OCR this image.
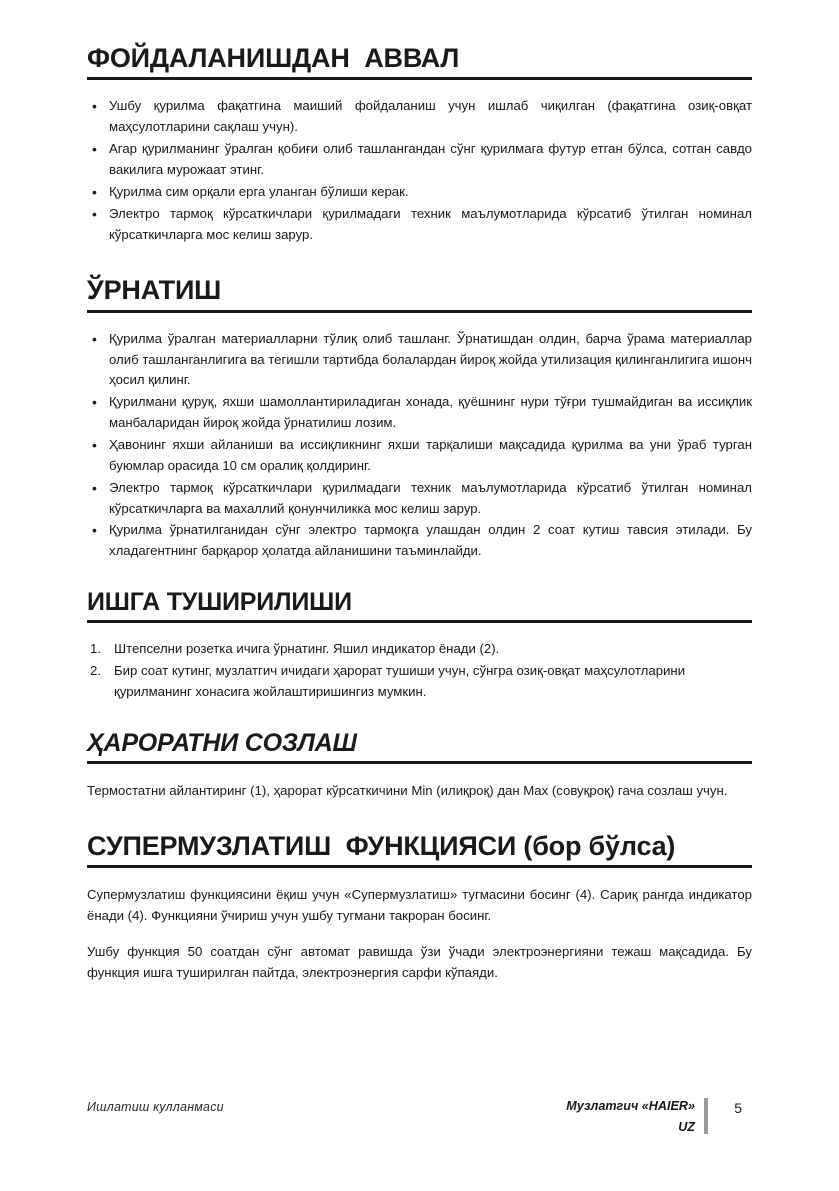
ФОЙДАЛАНИШДАН  АВВАЛ
• Ушбу қурилма фақатгина маиший фойдаланиш учун ишлаб чиқилган (фақатгина озиқ-овқат маҳсулотларини сақлаш учун).
• Агар қурилманинг ўралган қобиғи олиб ташлангандан сўнг қурилмага футур етган бўлса, сотган савдо вакилига мурожаат этинг.
• Қурилма сим орқали ерга уланган бўлиши керак.
• Электро тармоқ кўрсаткичлари қурилмадаги техник маълумотларида кўрсатиб ўтилган номинал кўрсаткичларга мос келиш зарур.
ЎРНАТИШ
• Қурилма ўралган материалларни тўлиқ олиб ташланг. Ўрнатишдан олдин, барча ўрама материаллар олиб ташланганлигига ва тегишли тартибда болалардан йироқ жойда утилизация қилинганлигига ишонч ҳосил қилинг.
• Қурилмани қуруқ, яхши шамоллантириладиган хонада, қуёшнинг нури тўғри тушмайдиган ва иссиқлик манбаларидан йироқ жойда ўрнатилиш лозим.
• Ҳавонинг яхши айланиши ва иссиқликнинг яхши тарқалиши мақсадида қурилма ва уни ўраб турган буюмлар орасида 10 см оралиқ қолдиринг.
• Электро тармоқ кўрсаткичлари қурилмадаги техник маълумотларида кўрсатиб ўтилган номинал кўрсаткичларга ва махаллий қонунчиликка мос келиш зарур.
• Қурилма ўрнатилганидан сўнг электро тармоқга улашдан олдин 2 соат кутиш тавсия этилади. Бу хладагентнинг барқарор ҳолатда айланишини таъминлайди.
ИШГА ТУШИРИЛИШИ
Штепселни розетка ичига ўрнатинг. Яшил индикатор ёнади (2).
Бир соат кутинг, музлатгич ичидаги ҳарорат тушиши учун, сўнгра озиқ-овқат маҳсулотларини қурилманинг хонасига жойлаштиришингиз мумкин.
ҲАРОРАТНИ СОЗЛАШ

Термостатни айлантиринг (1), ҳарорат кўрсаткичини Min (илиқроқ) дан Max (совуқроқ) гача созлаш учун.

СУПЕРМУЗЛАТИШ  ФУНКЦИЯСИ (бор бўлса)

Супермузлатиш функциясини ёқиш учун «Супермузлатиш» тугмасини босинг (4). Сариқ рангда индикатор ёнади (4). Функцияни ўчириш учун ушбу тугмани такроран босинг.

Ушбу функция 50 соатдан сўнг автомат равишда ўзи ўчади электроэнергияни тежаш мақсадида. Бу функция ишга туширилган пайтда, электроэнергия сарфи кўпаяди.

Ишлатиш кулланмаси	Музлатгич «HAIER»
UZ
5
